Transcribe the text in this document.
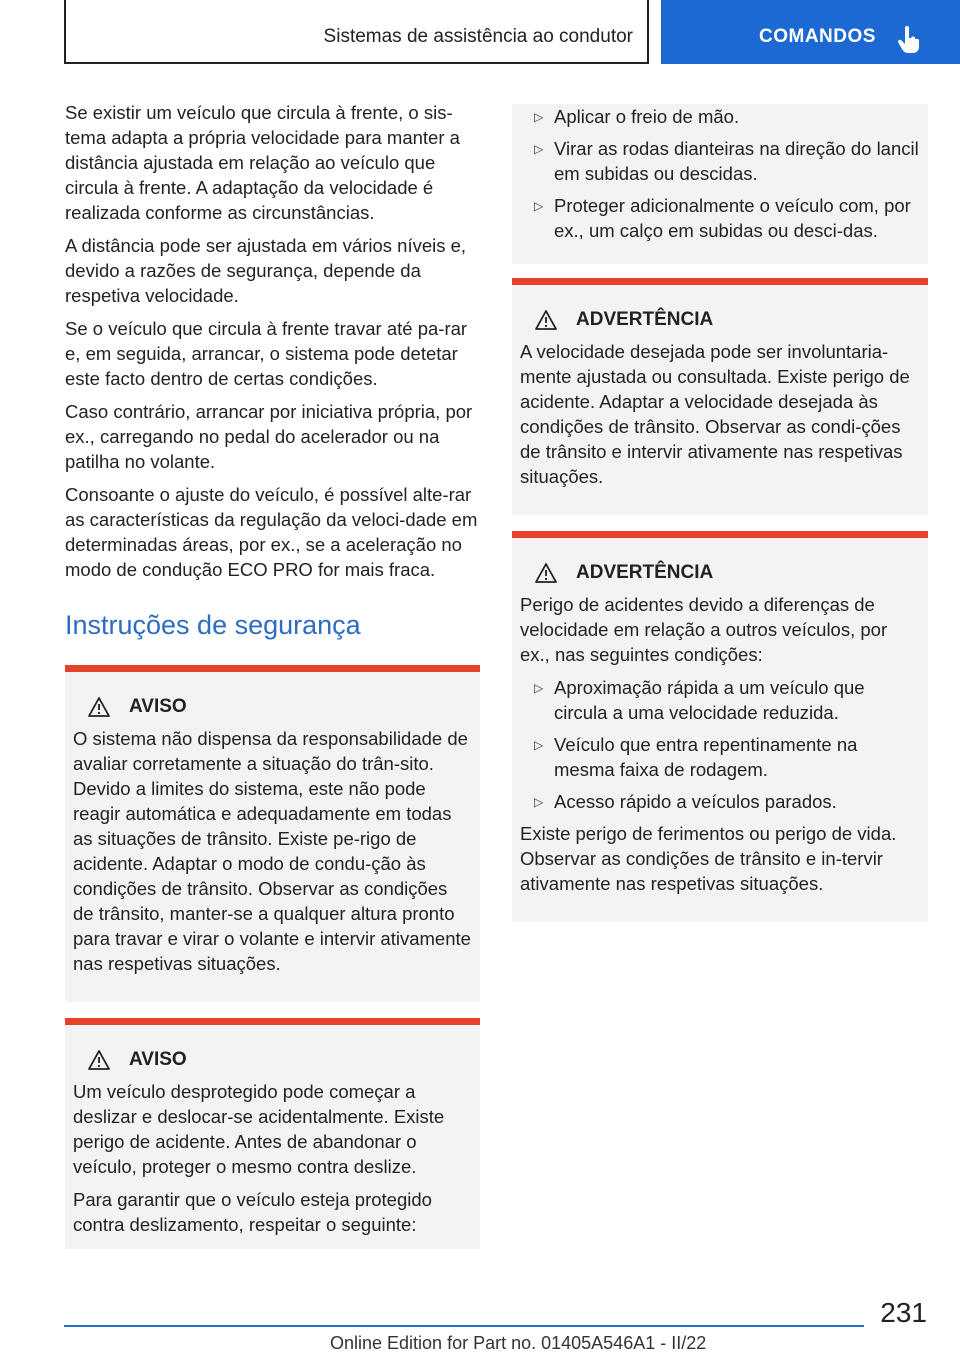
Sistemas de assistência ao condutor	COMANDOS

Se existir um veículo que circula à frente, o sis-tema adapta a própria velocidade para manter a distância ajustada em relação ao veículo que circula à frente. A adaptação da velocidade é realizada conforme as circunstâncias.

A distância pode ser ajustada em vários níveis e, devido a razões de segurança, depende da respetiva velocidade.

Se o veículo que circula à frente travar até pa-rar e, em seguida, arrancar, o sistema pode detetar este facto dentro de certas condições.

Caso contrário, arrancar por iniciativa própria, por ex., carregando no pedal do acelerador ou na patilha no volante.

Consoante o ajuste do veículo, é possível alte-rar as características da regulação da veloci-dade em determinadas áreas, por ex., se a aceleração no modo de condução ECO PRO for mais fraca.

Instruções de segurança
AVISO

O sistema não dispensa da responsabilidade de avaliar corretamente a situação do trân-sito. Devido a limites do sistema, este não pode reagir automática e adequadamente em todas as situações de trânsito. Existe pe-rigo de acidente. Adaptar o modo de condu-ção às condições de trânsito. Observar as condições de trânsito, manter-se a qualquer altura pronto para travar e virar o volante e intervir ativamente nas respetivas situações.

AVISO

Um veículo desprotegido pode começar a deslizar e deslocar-se acidentalmente. Existe perigo de acidente. Antes de abandonar o veículo, proteger o mesmo contra deslize.

Para garantir que o veículo esteja protegido contra deslizamento, respeitar o seguinte:

▷ Aplicar o freio de mão.
▷ Virar as rodas dianteiras na direção do lancil em subidas ou descidas.
▷ Proteger adicionalmente o veículo com, por ex., um calço em subidas ou desci-das.
ADVERTÊNCIA

A velocidade desejada pode ser involuntaria-mente ajustada ou consultada. Existe perigo de acidente. Adaptar a velocidade desejada às condições de trânsito. Observar as condi-ções de trânsito e intervir ativamente nas respetivas situações.

ADVERTÊNCIA

Perigo de acidentes devido a diferenças de velocidade em relação a outros veículos, por ex., nas seguintes condições:

▷ Aproximação rápida a um veículo que circula a uma velocidade reduzida.
▷ Veículo que entra repentinamente na mesma faixa de rodagem.
▷ Acesso rápido a veículos parados.

Existe perigo de ferimentos ou perigo de vida. Observar as condições de trânsito e in-tervir ativamente nas respetivas situações.

231
Online Edition for Part no. 01405A546A1 - II/22
